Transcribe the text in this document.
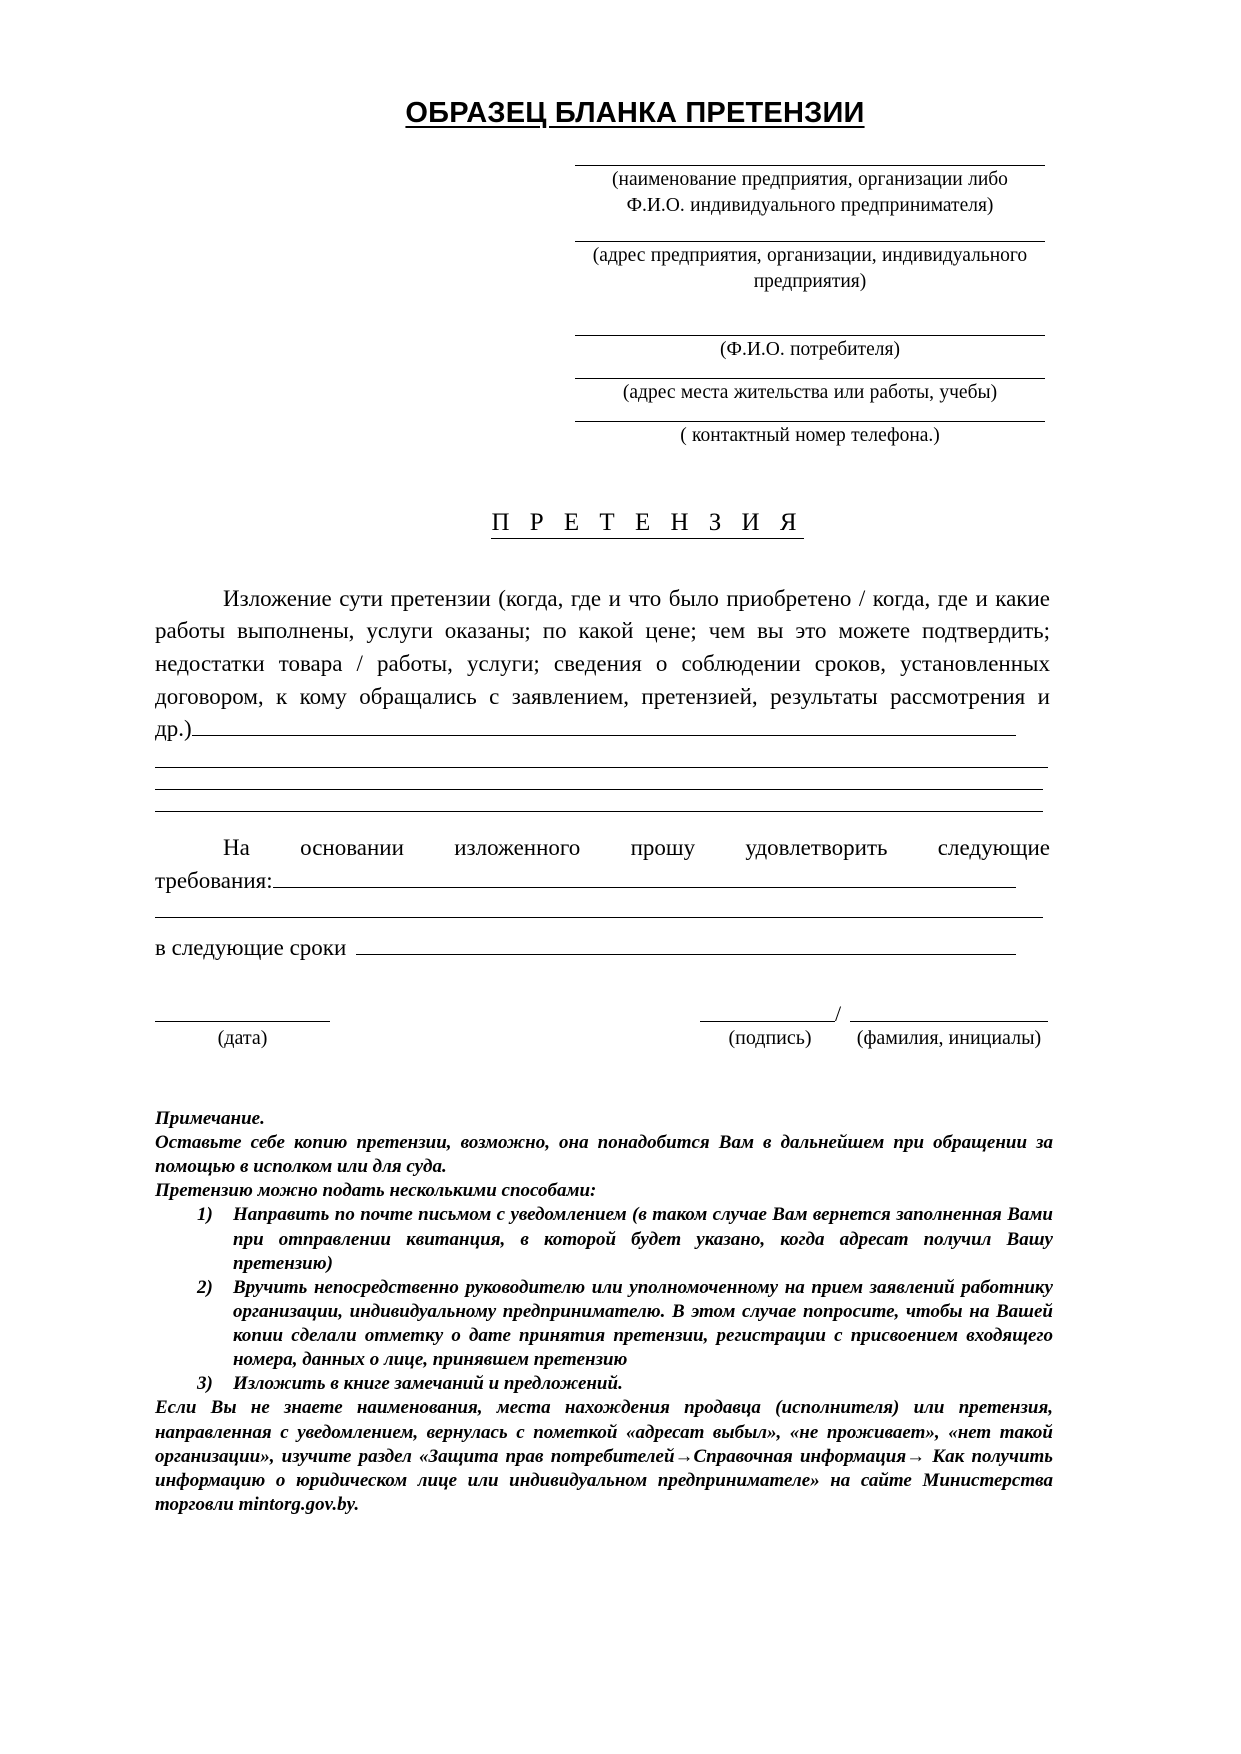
ОБРАЗЕЦ БЛАНКА ПРЕТЕНЗИИ
(наименование предприятия, организации либо
Ф.И.О. индивидуального предпринимателя)
(адрес предприятия, организации, индивидуального
предприятия)
(Ф.И.О. потребителя)
(адрес места жительства или работы, учебы)
( контактный номер телефона.)
П Р Е Т Е Н З И Я

Изложение сути претензии (когда, где и что было приобретено / когда, где и какие работы выполнены, услуги оказаны; по какой цене; чем вы это можете подтвердить; недостатки товара / работы, услуги; сведения о соблюдении сроков, установленных договором, к кому обращались с заявлением, претензией, результаты рассмотрения и

др.)

На основании изложенного прошу удовлетворить следующие

требования:

в следующие сроки

(дата)
/
(подпись)	(фамилия, инициалы)

Примечание.

Оставьте себе копию претензии, возможно, она понадобится Вам в дальнейшем при обращении за помощью в исполком или для суда.

Претензию можно подать несколькими способами:

1) Направить по почте письмом с уведомлением (в таком случае Вам вернется заполненная Вами при отправлении квитанция, в которой будет указано, когда адресат получил Вашу претензию)
2) Вручить непосредственно руководителю или уполномоченному на прием заявлений работнику организации, индивидуальному предпринимателю. В этом случае попросите, чтобы на Вашей копии сделали отметку о дате принятия претензии, регистрации с присвоением входящего номера, данных о лице, принявшем претензию
3) Изложить в книге замечаний и предложений.

Если Вы не знаете наименования, места нахождения продавца (исполнителя) или претензия, направленная с уведомлением, вернулась с пометкой «адресат выбыл», «не проживает», «нет такой организации», изучите раздел «Защита прав потребителей→Справочная информация→ Как получить информацию о юридическом лице или индивидуальном предпринимателе» на сайте Министерства торговли mintorg.gov.by.
